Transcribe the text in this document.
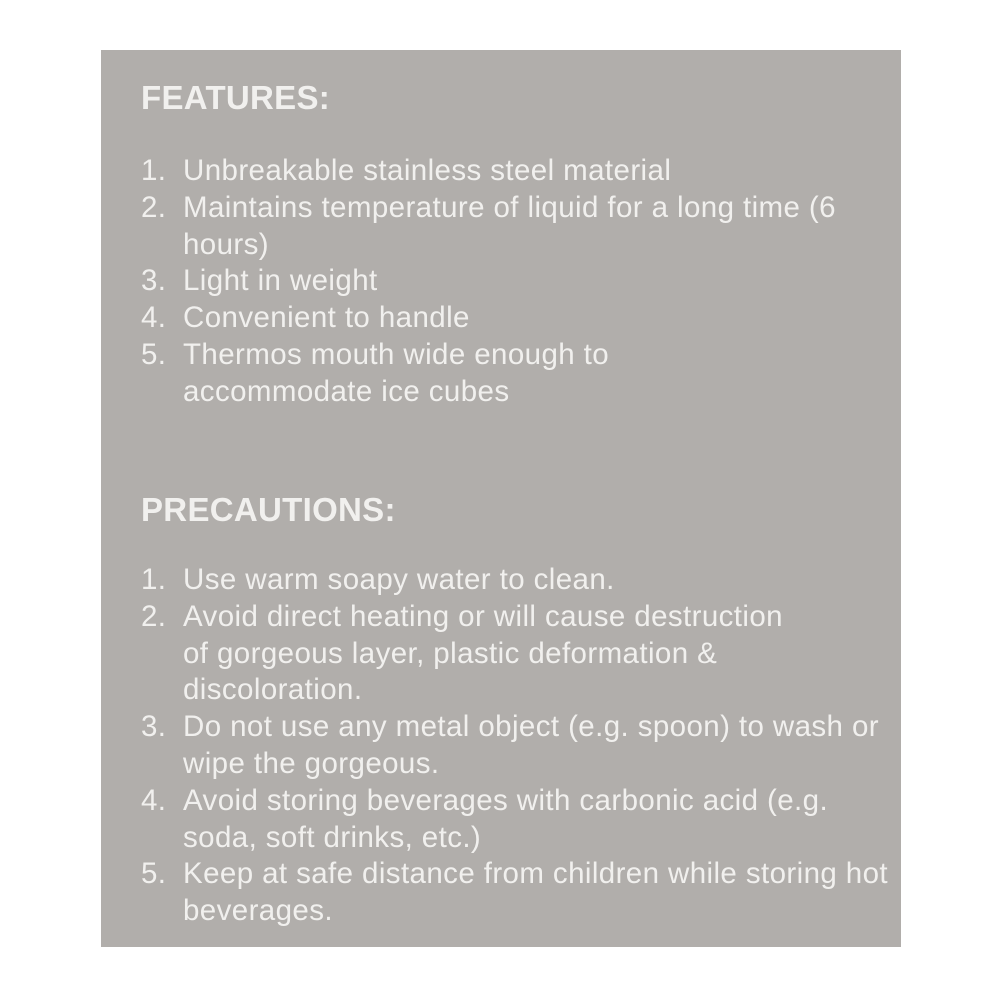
FEATURES:
1. Unbreakable stainless steel material
2. Maintains temperature of liquid for a long time (6 hours)
3. Light in weight
4. Convenient to handle
5. Thermos mouth wide enough to accommodate ice cubes
PRECAUTIONS:
1. Use warm soapy water to clean.
2. Avoid direct heating or will cause destruction of gorgeous layer, plastic deformation & discoloration.
3. Do not use any metal object (e.g. spoon) to wash or wipe the gorgeous.
4. Avoid storing beverages with carbonic acid (e.g. soda, soft drinks, etc.)
5. Keep at safe distance from children while storing hot beverages.
